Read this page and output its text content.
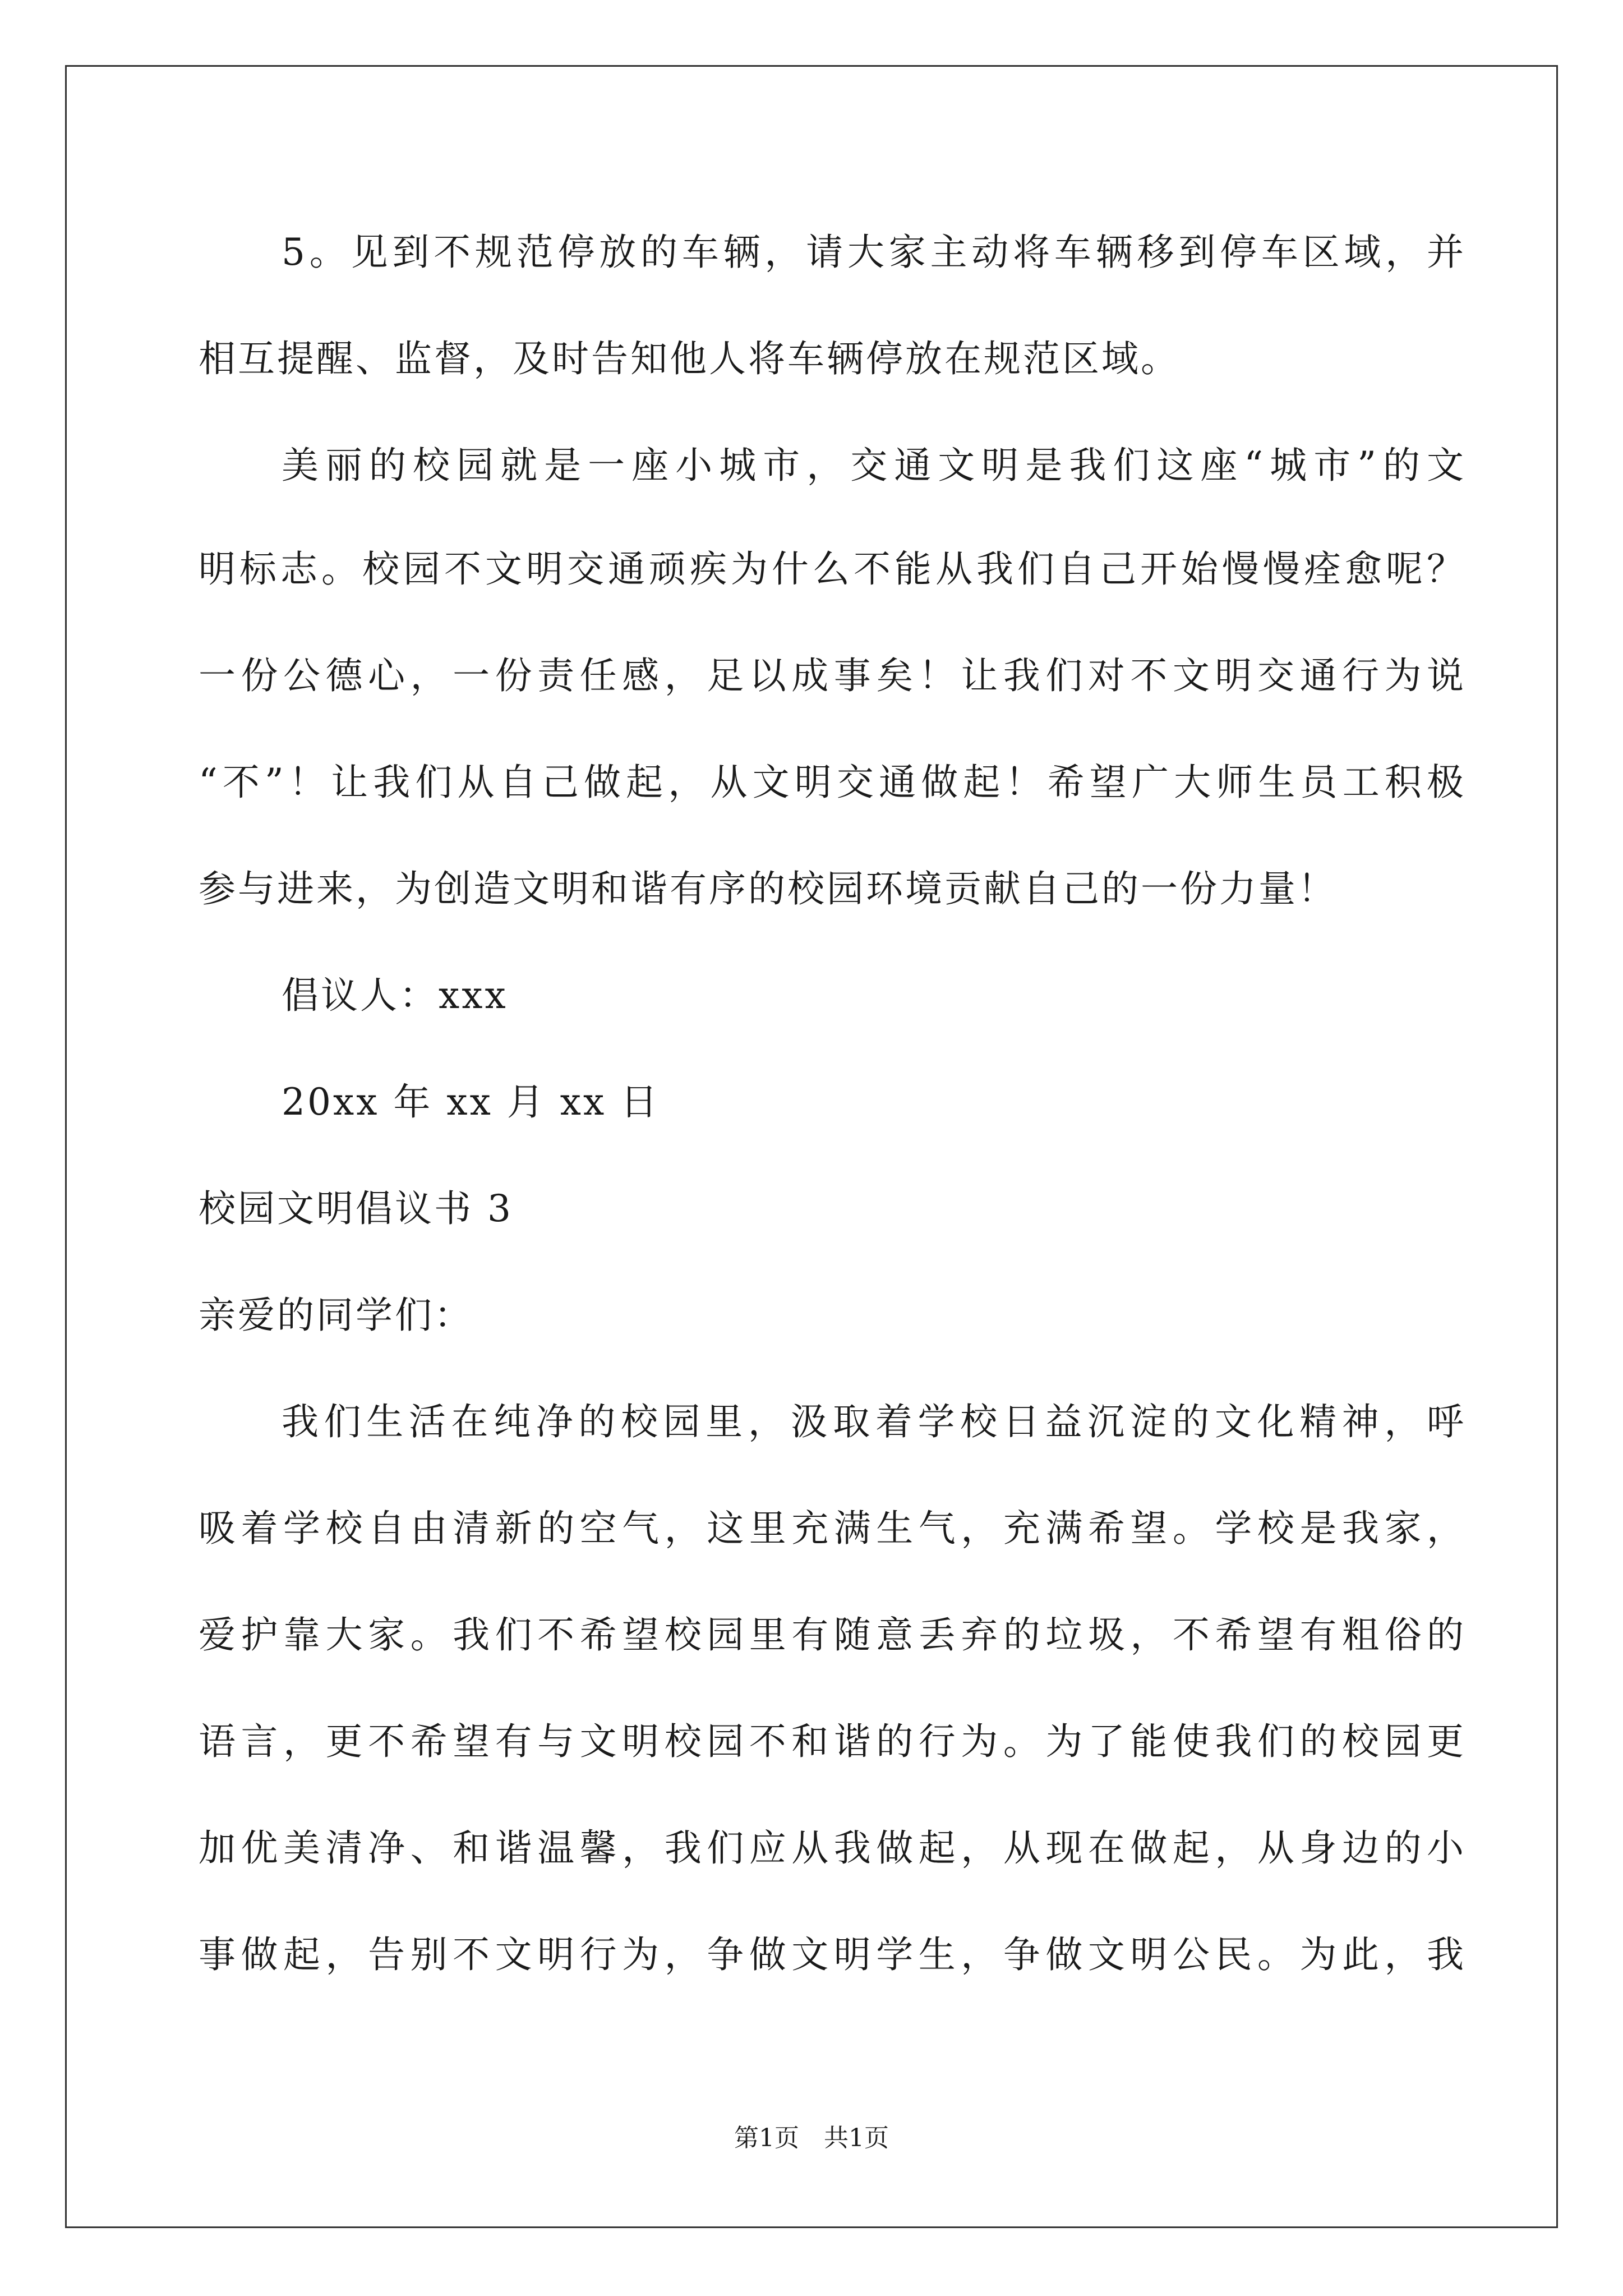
5。见到不规范停放的车辆，请大家主动将车辆移到停车区域，并
相互提醒、监督，及时告知他人将车辆停放在规范区域。
美丽的校园就是一座小城市，交通文明是我们这座“城市”的文
明标志。校园不文明交通顽疾为什么不能从我们自己开始慢慢痊愈呢？
一份公德心，一份责任感，足以成事矣！让我们对不文明交通行为说
“不”！让我们从自己做起，从文明交通做起！希望广大师生员工积极
参与进来，为创造文明和谐有序的校园环境贡献自己的一份力量！
倡议人：xxx
20xx 年 xx 月 xx 日
校园文明倡议书 3
亲爱的同学们：
我们生活在纯净的校园里，汲取着学校日益沉淀的文化精神，呼
吸着学校自由清新的空气，这里充满生气，充满希望。学校是我家，
爱护靠大家。我们不希望校园里有随意丢弃的垃圾，不希望有粗俗的
语言，更不希望有与文明校园不和谐的行为。为了能使我们的校园更
加优美清净、和谐温馨，我们应从我做起，从现在做起，从身边的小
事做起，告别不文明行为，争做文明学生，争做文明公民。为此，我
第1页　共1页
